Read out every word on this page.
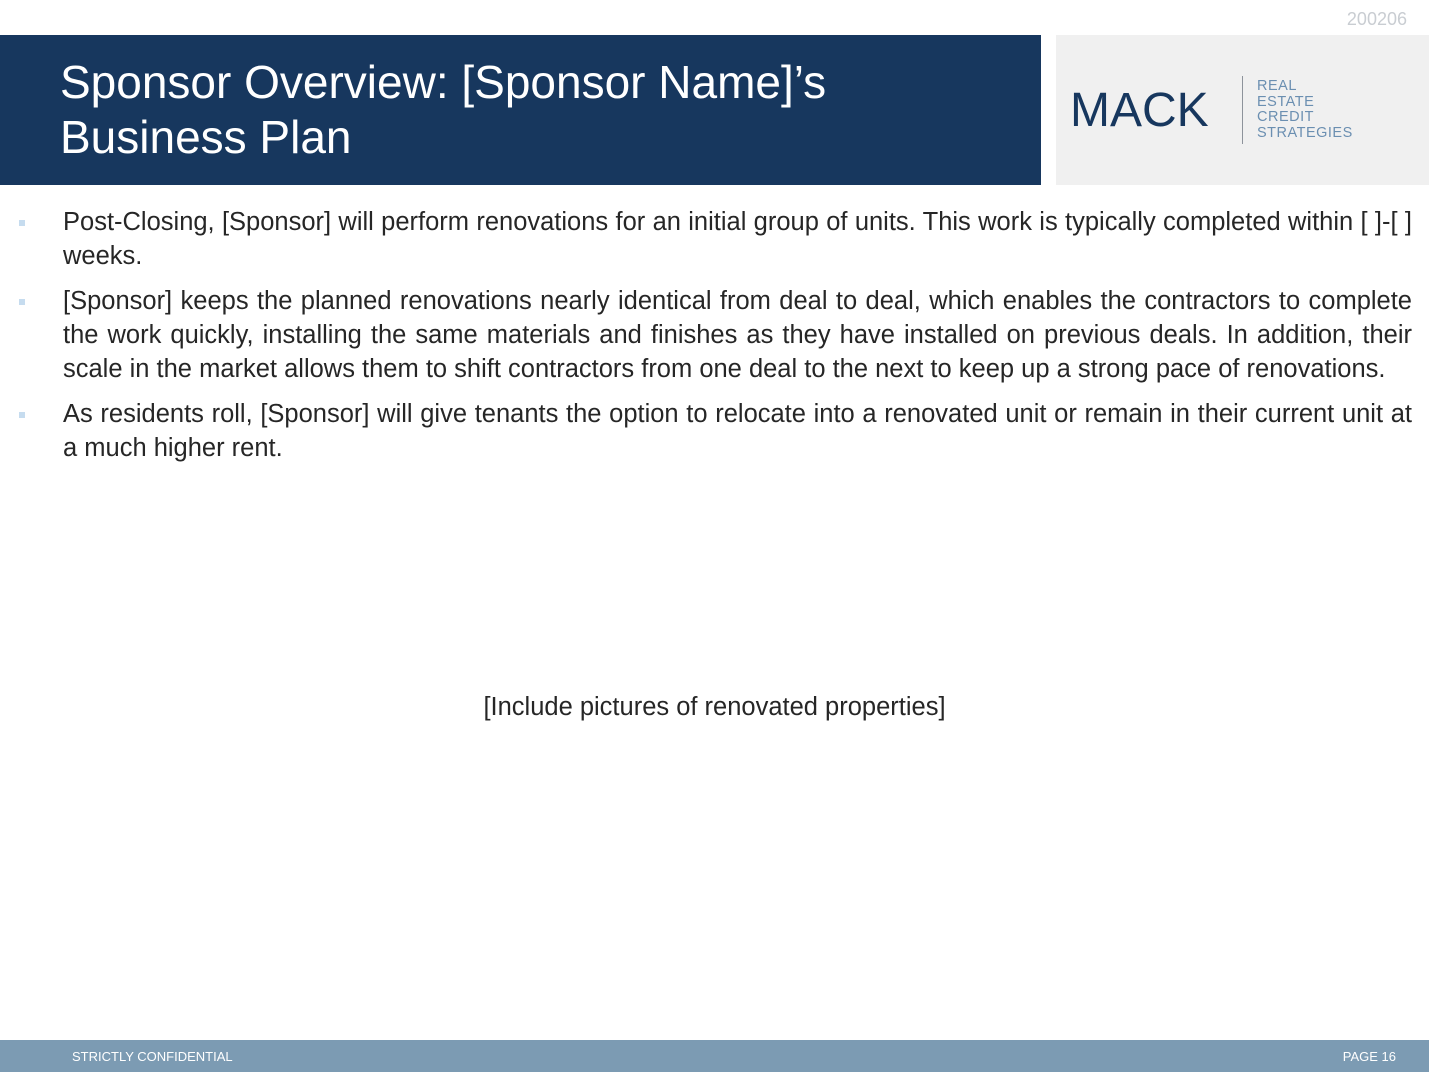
200206
Sponsor Overview: [Sponsor Name]’s
Business Plan	MACK	REAL
ESTATE
CREDIT
STRATEGIES
Post-Closing, [Sponsor] will perform renovations for an initial group of units. This work is typically completed within [ ]-[ ] weeks.
[Sponsor] keeps the planned renovations nearly identical from deal to deal, which enables the contractors to complete the work quickly, installing the same materials and finishes as they have installed on previous deals. In addition, their scale in the market allows them to shift contractors from one deal to the next to keep up a strong pace of renovations.
As residents roll, [Sponsor] will give tenants the option to relocate into a renovated unit or remain in their current unit at a much higher rent.
[Include pictures of renovated properties]
STRICTLY CONFIDENTIAL	PAGE 16
